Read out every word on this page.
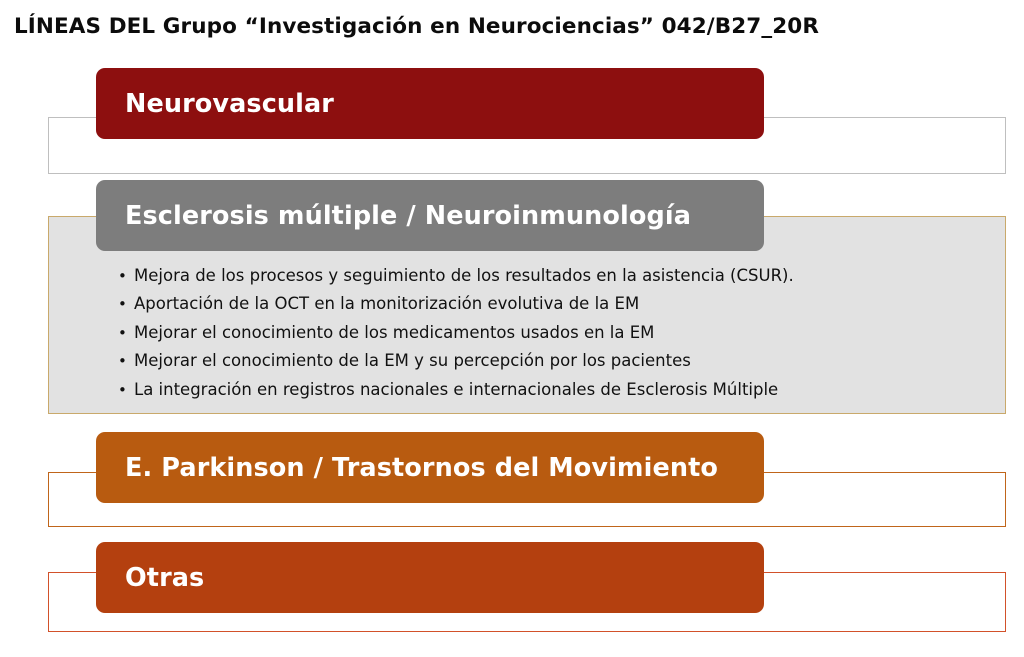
LÍNEAS DEL Grupo “Investigación en Neurociencias” 042/B27_20R
Neurovascular
Esclerosis múltiple / Neuroinmunología
• Mejora de los procesos y seguimiento de los resultados en la asistencia (CSUR).
• Aportación de la OCT en la monitorización evolutiva de la EM
• Mejorar el conocimiento de los medicamentos usados en la EM
• Mejorar el conocimiento de la EM y su percepción por los pacientes
• La integración en registros nacionales e internacionales de Esclerosis Múltiple
E. Parkinson / Trastornos del Movimiento
Otras
